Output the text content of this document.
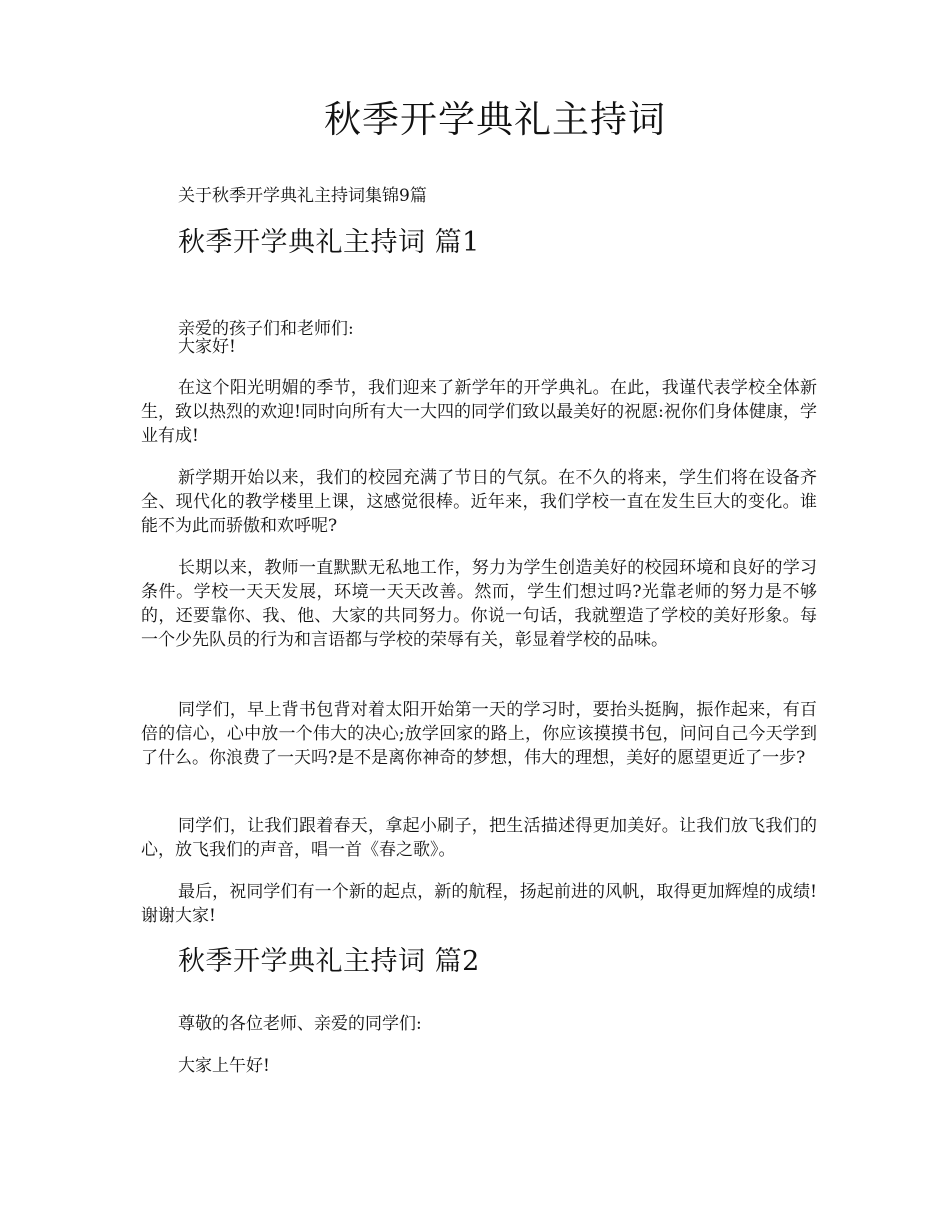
秋季开学典礼主持词

关于秋季开学典礼主持词集锦9篇

秋季开学典礼主持词 篇1

亲爱的孩子们和老师们:

大家好!

在这个阳光明媚的季节，我们迎来了新学年的开学典礼。在此，我谨代表学校全体新生，致以热烈的欢迎!同时向所有大一大四的同学们致以最美好的祝愿:祝你们身体健康，学业有成!

新学期开始以来，我们的校园充满了节日的气氛。在不久的将来，学生们将在设备齐全、现代化的教学楼里上课，这感觉很棒。近年来，我们学校一直在发生巨大的变化。谁能不为此而骄傲和欢呼呢?

长期以来，教师一直默默无私地工作，努力为学生创造美好的校园环境和良好的学习条件。学校一天天发展，环境一天天改善。然而，学生们想过吗?光靠老师的努力是不够的，还要靠你、我、他、大家的共同努力。你说一句话，我就塑造了学校的美好形象。每一个少先队员的行为和言语都与学校的荣辱有关，彰显着学校的品味。

同学们，早上背书包背对着太阳开始第一天的学习时，要抬头挺胸，振作起来，有百倍的信心，心中放一个伟大的决心;放学回家的路上，你应该摸摸书包，问问自己今天学到了什么。你浪费了一天吗?是不是离你神奇的梦想，伟大的理想，美好的愿望更近了一步?

同学们，让我们跟着春天，拿起小刷子，把生活描述得更加美好。让我们放飞我们的心，放飞我们的声音，唱一首《春之歌》。

最后，祝同学们有一个新的起点，新的航程，扬起前进的风帆，取得更加辉煌的成绩!谢谢大家!

秋季开学典礼主持词 篇2

尊敬的各位老师、亲爱的同学们:

大家上午好!
